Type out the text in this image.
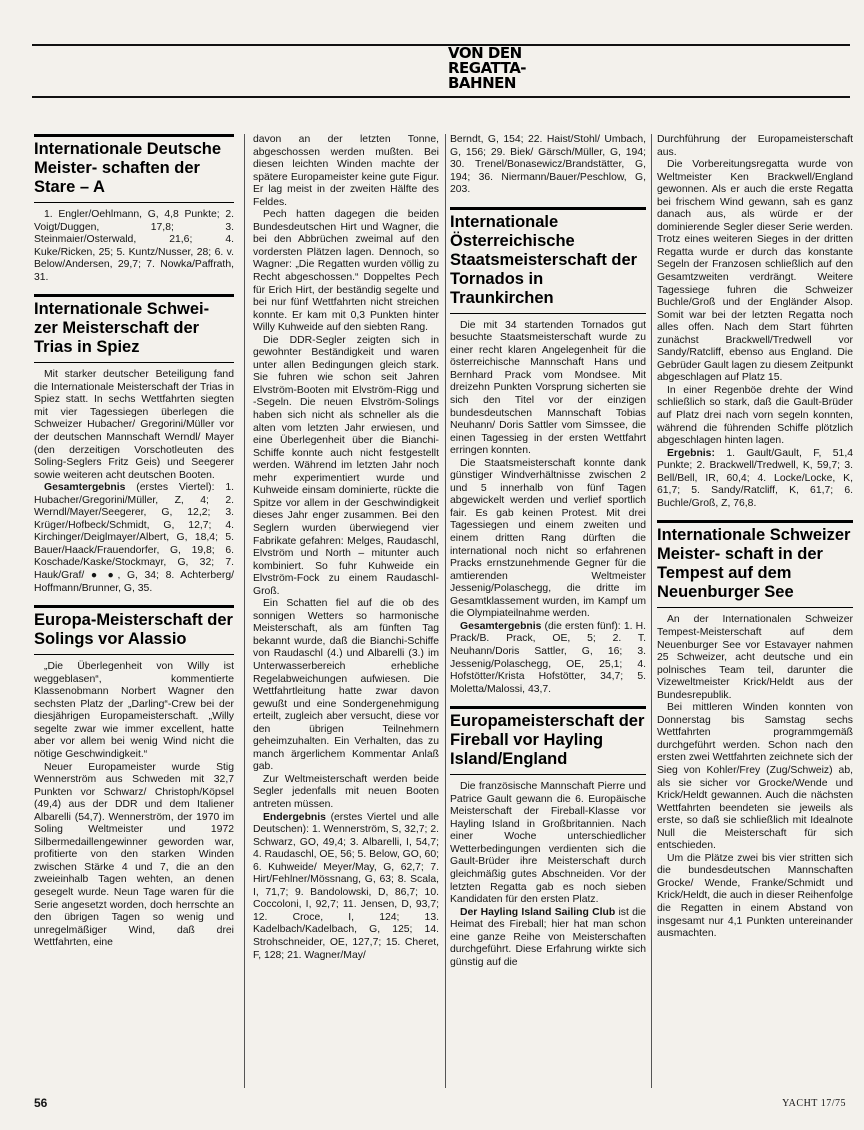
VON DEN
REGATTA-
BAHNEN
Internationale Deutsche Meister- schaften der Stare – A

1. Engler/Oehlmann, G, 4,8 Punkte; 2. Voigt/Duggen, 17,8; 3. Steinmaier/Osterwald, 21,6; 4. Kuke/Ricken, 25; 5. Kuntz/Nusser, 28; 6. v. Below/Andersen, 29,7; 7. Nowka/Paffrath, 31.

Internationale Schwei- zer Meisterschaft der Trias in Spiez

Mit starker deutscher Beteiligung fand die Internationale Meisterschaft der Trias in Spiez statt. In sechs Wettfahrten siegten mit vier Tagessiegen überlegen die Schweizer Hubacher/ Gregorini/Müller vor der deutschen Mannschaft Werndl/ Mayer (den derzeitigen Vorschotleuten des Soling-Seglers Fritz Geis) und Seegerer sowie weiteren acht deutschen Booten.

Gesamtergebnis (erstes Viertel): 1. Hubacher/Gregorini/Müller, Z, 4; 2. Werndl/Mayer/Seegerer, G, 12,2; 3. Krüger/Hofbeck/Schmidt, G, 12,7; 4. Kirchinger/Deiglmayer/Albert, G, 18,4; 5. Bauer/Haack/Frauendorfer, G, 19,8; 6. Koschade/Kaske/Stockmayr, G, 32; 7. Hauk/Graf/ ● ●, G, 34; 8. Achterberg/ Hoffmann/Brunner, G, 35.

Europa-Meisterschaft der Solings vor Alassio

„Die Überlegenheit von Willy ist weggeblasen“, kommentierte Klassenobmann Norbert Wagner den sechsten Platz der „Darling“-Crew bei der diesjährigen Europameisterschaft. „Willy segelte zwar wie immer excellent, hatte aber vor allem bei wenig Wind nicht die nötige Geschwindigkeit.“

Neuer Europameister wurde Stig Wennerström aus Schweden mit 32,7 Punkten vor Schwarz/ Christoph/Köpsel (49,4) aus der DDR und dem Italiener Albarelli (54,7). Wennerström, der 1970 im Soling Weltmeister und 1972 Silbermedaillengewinner geworden war, profitierte von den starken Winden zwischen Stärke 4 und 7, die an den zweieinhalb Tagen wehten, an denen gesegelt wurde. Neun Tage waren für die Serie angesetzt worden, doch herrschte an den übrigen Tagen so wenig und unregelmäßiger Wind, daß drei Wettfahrten, eine

davon an der letzten Tonne, abgeschossen werden mußten. Bei diesen leichten Winden machte der spätere Europameister keine gute Figur. Er lag meist in der zweiten Hälfte des Feldes.

Pech hatten dagegen die beiden Bundesdeutschen Hirt und Wagner, die bei den Abbrüchen zweimal auf den vordersten Plätzen lagen. Dennoch, so Wagner: „Die Regatten wurden völlig zu Recht abgeschossen.“ Doppeltes Pech für Erich Hirt, der beständig segelte und bei nur fünf Wettfahrten nicht streichen konnte. Er kam mit 0,3 Punkten hinter Willy Kuhweide auf den siebten Rang.

Die DDR-Segler zeigten sich in gewohnter Beständigkeit und waren unter allen Bedingungen gleich stark. Sie fuhren wie schon seit Jahren Elvström-Booten mit Elvström-Rigg und -Segeln. Die neuen Elvström-Solings haben sich nicht als schneller als die alten vom letzten Jahr erwiesen, und eine Überlegenheit über die Bianchi-Schiffe konnte auch nicht festgestellt werden. Während im letzten Jahr noch mehr experimentiert wurde und Kuhweide einsam dominierte, rückte die Spitze vor allem in der Geschwindigkeit dieses Jahr enger zusammen. Bei den Seglern wurden überwiegend vier Fabrikate gefahren: Melges, Raudaschl, Elvström und North – mitunter auch kombiniert. So fuhr Kuhweide ein Elvström-Fock zu einem Raudaschl-Groß.

Ein Schatten fiel auf die ob des sonnigen Wetters so harmonische Meisterschaft, als am fünften Tag bekannt wurde, daß die Bianchi-Schiffe von Raudaschl (4.) und Albarelli (3.) im Unterwasserbereich erhebliche Regelabweichungen aufwiesen. Die Wettfahrtleitung hatte zwar davon gewußt und eine Sondergenehmigung erteilt, zugleich aber versucht, diese vor den übrigen Teilnehmern geheimzuhalten. Ein Verhalten, das zu manch ärgerlichem Kommentar Anlaß gab.

Zur Weltmeisterschaft werden beide Segler jedenfalls mit neuen Booten antreten müssen.

Endergebnis (erstes Viertel und alle Deutschen): 1. Wennerström, S, 32,7; 2. Schwarz, GO, 49,4; 3. Albarelli, I, 54,7; 4. Raudaschl, OE, 56; 5. Below, GO, 60; 6. Kuhweide/ Meyer/May, G, 62,7; 7. Hirt/Fehlner/Mössnang, G, 63; 8. Scala, I, 71,7; 9. Bandolowski, D, 86,7; 10. Coccoloni, I, 92,7; 11. Jensen, D, 93,7; 12. Croce, I, 124; 13. Kadelbach/Kadelbach, G, 125; 14. Strohschneider, OE, 127,7; 15. Cheret, F, 128; 21. Wagner/May/

Berndt, G, 154; 22. Haist/Stohl/ Umbach, G, 156; 29. Biek/ Gärsch/Müller, G, 194; 30. Trenel/Bonasewicz/Brandstätter, G, 194; 36. Niermann/Bauer/Peschlow, G, 203.

Internationale Österreichische Staatsmeisterschaft der Tornados in Traunkirchen

Die mit 34 startenden Tornados gut besuchte Staatsmeisterschaft wurde zu einer recht klaren Angelegenheit für die österreichische Mannschaft Hans und Bernhard Prack vom Mondsee. Mit dreizehn Punkten Vorsprung sicherten sie sich den Titel vor der einzigen bundesdeutschen Mannschaft Tobias Neuhann/ Doris Sattler vom Simssee, die einen Tagessieg in der ersten Wettfahrt erringen konnten.

Die Staatsmeisterschaft konnte dank günstiger Windverhältnisse zwischen 2 und 5 innerhalb von fünf Tagen abgewickelt werden und verlief sportlich fair. Es gab keinen Protest. Mit drei Tagessiegen und einem zweiten und einem dritten Rang dürften die international noch nicht so erfahrenen Pracks ernstzunehmende Gegner für die amtierenden Weltmeister Jessenig/Polaschegg, die dritte im Gesamtklassement wurden, im Kampf um die Olympiateilnahme werden.

Gesamtergebnis (die ersten fünf): 1. H. Prack/B. Prack, OE, 5; 2. T. Neuhann/Doris Sattler, G, 16; 3. Jessenig/Polaschegg, OE, 25,1; 4. Hofstötter/Krista Hofstötter, 34,7; 5. Moletta/Malossi, 43,7.

Europameisterschaft der Fireball vor Hayling Island/England

Die französische Mannschaft Pierre und Patrice Gault gewann die 6. Europäische Meisterschaft der Fireball-Klasse vor Hayling Island in Großbritannien. Nach einer Woche unterschiedlicher Wetterbedingungen verdienten sich die Gault-Brüder ihre Meisterschaft durch gleichmäßig gutes Abschneiden. Vor der letzten Regatta gab es noch sieben Kandidaten für den ersten Platz.

Der Hayling Island Sailing Club ist die Heimat des Fireball; hier hat man schon eine ganze Reihe von Meisterschaften durchgeführt. Diese Erfahrung wirkte sich günstig auf die

Durchführung der Europameisterschaft aus.

Die Vorbereitungsregatta wurde von Weltmeister Ken Brackwell/England gewonnen. Als er auch die erste Regatta bei frischem Wind gewann, sah es ganz danach aus, als würde er der dominierende Segler dieser Serie werden. Trotz eines weiteren Sieges in der dritten Regatta wurde er durch das konstante Segeln der Franzosen schließlich auf den Gesamtzweiten verdrängt. Weitere Tagessiege fuhren die Schweizer Buchle/Groß und der Engländer Alsop. Somit war bei der letzten Regatta noch alles offen. Nach dem Start führten zunächst Brackwell/Tredwell vor Sandy/Ratcliff, ebenso aus England. Die Gebrüder Gault lagen zu diesem Zeitpunkt abgeschlagen auf Platz 15.

In einer Regenböe drehte der Wind schließlich so stark, daß die Gault-Brüder auf Platz drei nach vorn segeln konnten, während die führenden Schiffe plötzlich abgeschlagen hinten lagen.

Ergebnis: 1. Gault/Gault, F, 51,4 Punkte; 2. Brackwell/Tredwell, K, 59,7; 3. Bell/Bell, IR, 60,4; 4. Locke/Locke, K, 61,7; 5. Sandy/Ratcliff, K, 61,7; 6. Buchle/Groß, Z, 76,8.

Internationale Schweizer Meister- schaft in der Tempest auf dem Neuenburger See

An der Internationalen Schweizer Tempest-Meisterschaft auf dem Neuenburger See vor Estavayer nahmen 25 Schweizer, acht deutsche und ein polnisches Team teil, darunter die Vizeweltmeister Krick/Heldt aus der Bundesrepublik.

Bei mittleren Winden konnten von Donnerstag bis Samstag sechs Wettfahrten programmgemäß durchgeführt werden. Schon nach den ersten zwei Wettfahrten zeichnete sich der Sieg von Kohler/Frey (Zug/Schweiz) ab, als sie sicher vor Grocke/Wende und Krick/Heldt gewannen. Auch die nächsten Wettfahrten beendeten sie jeweils als erste, so daß sie schließlich mit Idealnote Null die Meisterschaft für sich entschieden.

Um die Plätze zwei bis vier stritten sich die bundesdeutschen Mannschaften Grocke/ Wende, Franke/Schmidt und Krick/Heldt, die auch in dieser Reihenfolge die Regatten in einem Abstand von insgesamt nur 4,1 Punkten untereinander ausmachten.

56	YACHT 17/75
